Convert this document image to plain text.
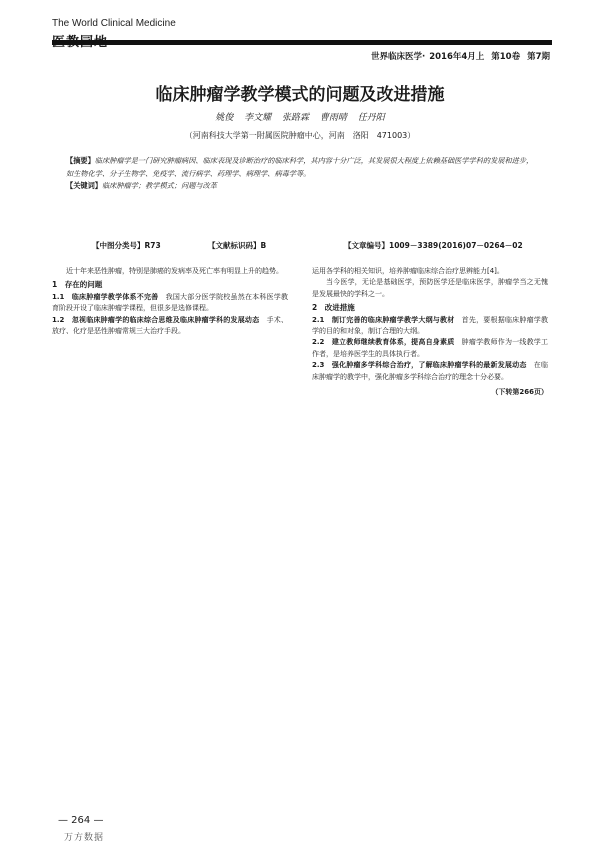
The World Clinical Medicine
世界临床医学· 2016年4月上 第10卷 第7期
临床肿瘤学教学模式的问题及改进措施
姚俊 李文耀 张路霖 曹雨晴 任丹阳
（河南科技大学第一附属医院肿瘤中心，河南　洛阳　471003）
【摘要】临床肿瘤学是一门研究肿瘤病因、临床表现及诊断治疗的临床科学，其内容十分广泛，其发展很大程度上依赖基础医学学科的发展和进步，如生物化学、分子生物学、免疫学、流行病学、药理学、病理学、病毒学等。
【关键词】临床肿瘤学；教学模式；问题与改革
【中图分类号】R73	【文献标识码】B	【文章编号】1009－3389(2016)07－0264－02

近十年来恶性肿瘤，特别是肺癌的发病率及死亡率有明显上升的趋势。

1　存在的问题

1.1　临床肿瘤学教学体系不完善　 我国大部分医学院校虽然在本科医学教育阶段开设了临床肿瘤学课程，但很多是选修课程。

1.2　忽视临床肿瘤学的临床综合思维及临床肿瘤学科的发展动态　 手术、放疗、化疗是恶性肿瘤常规三大治疗手段。

运用各学科的相关知识，培养肿瘤临床综合治疗思辨能力[4]。

当今医学，无论是基础医学，预防医学还是临床医学，肿瘤学当之无愧是发展最快的学科之一。

2　改进措施

2.1　制订完善的临床肿瘤学教学大纲与教材　 首先，要根据临床肿瘤学教学的目的和对象，制订合理的大纲。

2.2　建立教师继续教育体系，提高自身素质　 肿瘤学教师作为一线教学工作者，是培养医学生的具体执行者。

2.3　强化肿瘤多学科综合治疗，了解临床肿瘤学科的最新发展动态　 在临床肿瘤学的教学中，强化肿瘤多学科综合治疗的理念十分必要。

（下转第266页）
— 264 —
万方数据
